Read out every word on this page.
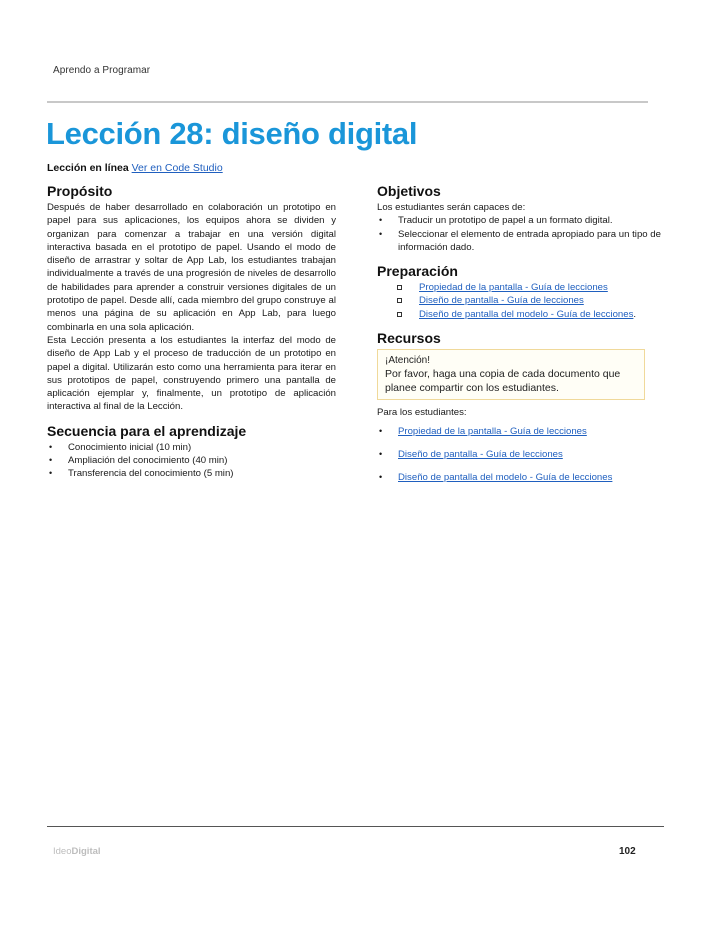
Aprendo a Programar
Lección 28: diseño digital
Lección en línea Ver en Code Studio
Propósito

Después de haber desarrollado en colaboración un prototipo en papel para sus aplicaciones, los equipos ahora se dividen y organizan para comenzar a trabajar en una versión digital interactiva basada en el prototipo de papel. Usando el modo de diseño de arrastrar y soltar de App Lab, los estudiantes trabajan individualmente a través de una progresión de niveles de desarrollo de habilidades para aprender a construir versiones digitales de un prototipo de papel. Desde allí, cada miembro del grupo construye al menos una página de su aplicación en App Lab, para luego combinarla en una sola aplicación.

Esta Lección presenta a los estudiantes la interfaz del modo de diseño de App Lab y el proceso de traducción de un prototipo en papel a digital. Utilizarán esto como una herramienta para iterar en sus prototipos de papel, construyendo primero una pantalla de aplicación ejemplar y, finalmente, un prototipo de aplicación interactiva al final de la Lección.

Secuencia para el aprendizaje
• Conocimiento inicial (10 min)
• Ampliación del conocimiento (40 min)
• Transferencia del conocimiento (5 min)
Objetivos

Los estudiantes serán capaces de:

• Traducir un prototipo de papel a un formato digital.
• Seleccionar el elemento de entrada apropiado para un tipo de información dado.
Preparación
Propiedad de la pantalla - Guía de lecciones
Diseño de pantalla - Guía de lecciones
Diseño de pantalla del modelo - Guía de lecciones.
Recursos
¡Atención!
Por favor, haga una copia de cada documento que planee compartir con los estudiantes.
Para los estudiantes:
• Propiedad de la pantalla - Guía de lecciones
• Diseño de pantalla - Guía de lecciones
• Diseño de pantalla del modelo - Guía de lecciones
IdeoDigital	102
